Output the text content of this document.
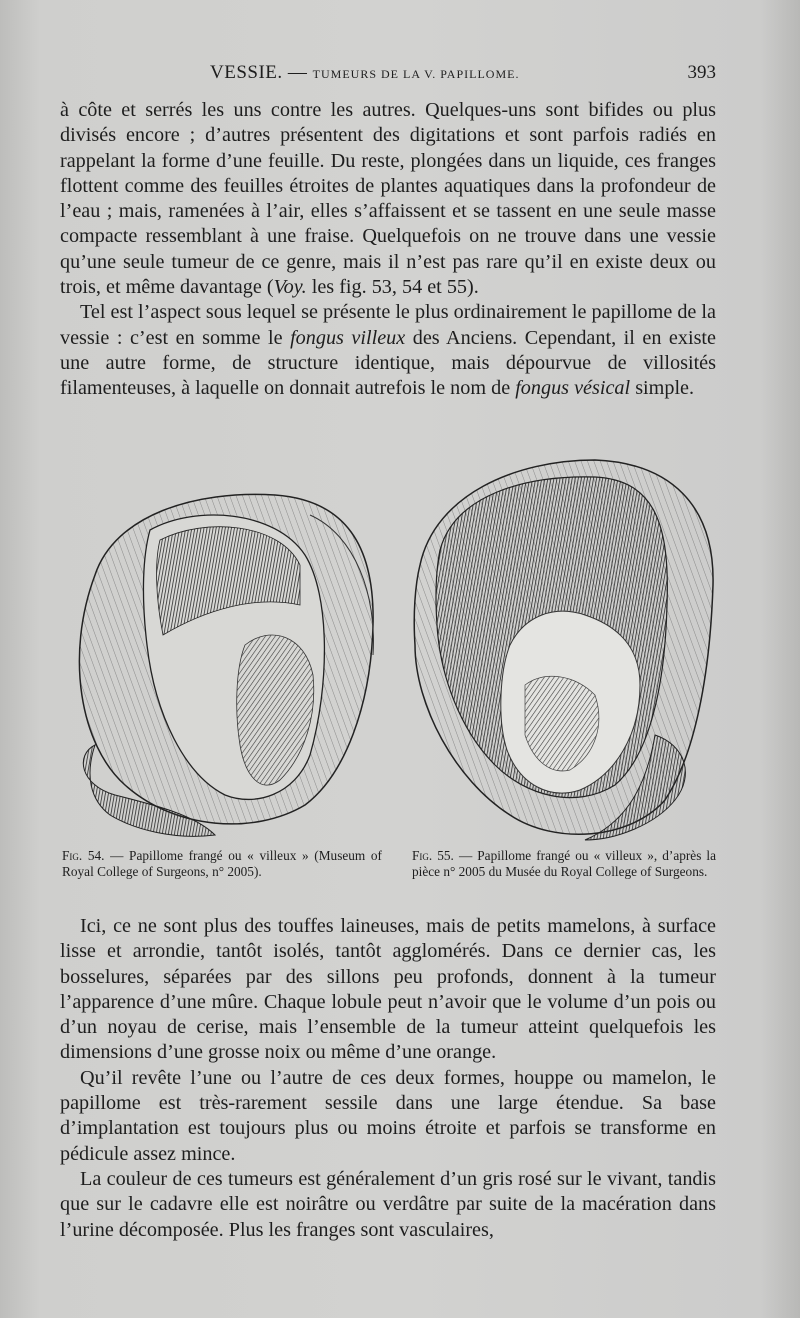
VESSIE. — TUMEURS DE LA V. PAPILLOME.	393

à côte et serrés les uns contre les autres. Quelques-uns sont bifides ou plus divisés encore ; d’autres présentent des digitations et sont parfois radiés en rappelant la forme d’une feuille. Du reste, plongées dans un liquide, ces franges flottent comme des feuilles étroites de plantes aquatiques dans la profondeur de l’eau ; mais, ramenées à l’air, elles s’affaissent et se tassent en une seule masse compacte ressemblant à une fraise. Quelquefois on ne trouve dans une vessie qu’une seule tumeur de ce genre, mais il n’est pas rare qu’il en existe deux ou trois, et même davantage (Voy. les fig. 53, 54 et 55).

Tel est l’aspect sous lequel se présente le plus ordinairement le papillome de la vessie : c’est en somme le fongus villeux des Anciens. Cependant, il en existe une autre forme, de structure identique, mais dépourvue de villosités filamenteuses, à laquelle on donnait autrefois le nom de fongus vésical simple.

Fig. 54. — Papillome frangé ou « villeux » (Museum of Royal College of Surgeons, n° 2005).
Fig. 55. — Papillome frangé ou « villeux », d’après la pièce n° 2005 du Musée du Royal College of Surgeons.

Ici, ce ne sont plus des touffes laineuses, mais de petits mamelons, à surface lisse et arrondie, tantôt isolés, tantôt agglomérés. Dans ce dernier cas, les bosselures, séparées par des sillons peu profonds, donnent à la tumeur l’apparence d’une mûre. Chaque lobule peut n’avoir que le volume d’un pois ou d’un noyau de cerise, mais l’ensemble de la tumeur atteint quelquefois les dimensions d’une grosse noix ou même d’une orange.

Qu’il revête l’une ou l’autre de ces deux formes, houppe ou mamelon, le papillome est très-rarement sessile dans une large étendue. Sa base d’implantation est toujours plus ou moins étroite et parfois se transforme en pédicule assez mince.

La couleur de ces tumeurs est généralement d’un gris rosé sur le vivant, tandis que sur le cadavre elle est noirâtre ou verdâtre par suite de la macération dans l’urine décomposée. Plus les franges sont vasculaires,
